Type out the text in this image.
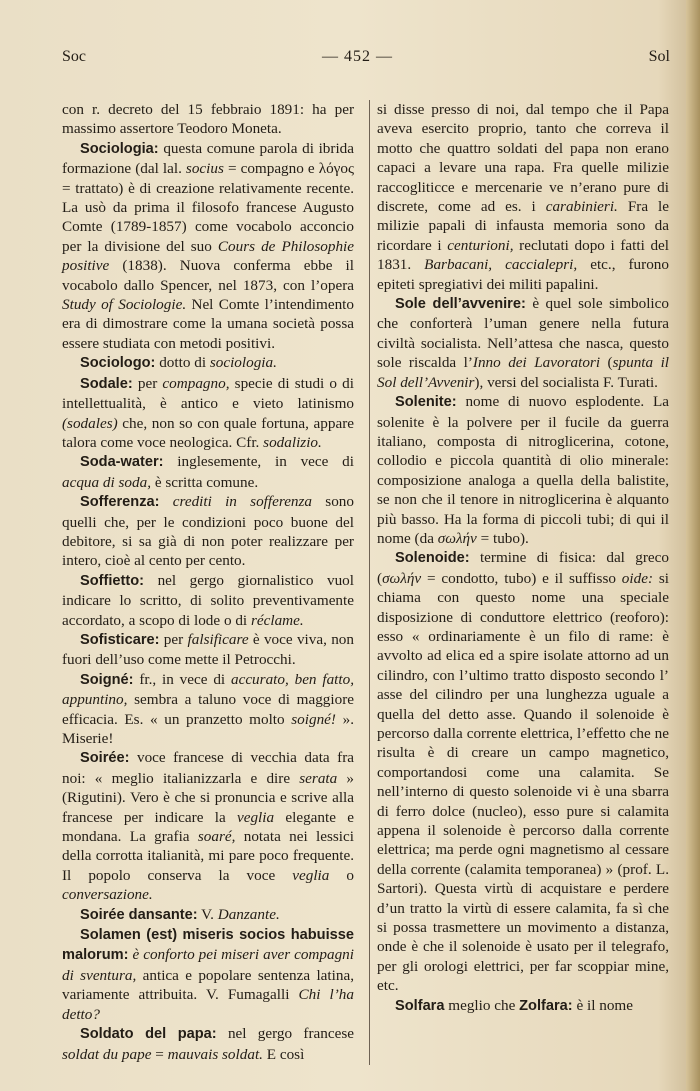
Soc	— 452 —	Sol

con r. decreto del 15 febbraio 1891: ha per massimo assertore Teodoro Moneta.

Sociologia: questa comune parola di ibrida formazione (dal lal. socius = compagno e λόγος = trattato) è di creazione relativamente recente. La usò da prima il filosofo francese Augusto Comte (1789-1857) come vocabolo acconcio per la divisione del suo Cours de Philosophie positive (1838). Nuova conferma ebbe il vocabolo dallo Spencer, nel 1873, con l’opera Study of Sociologie. Nel Comte l’intendimento era di dimostrare come la umana società possa essere studiata con metodi positivi.

Sociologo: dotto di sociologia.

Sodale: per compagno, specie di studi o di intellettualità, è antico e vieto latinismo (sodales) che, non so con quale fortuna, appare talora come voce neologica. Cfr. sodalizio.

Soda-water: inglesemente, in vece di acqua di soda, è scritta comune.

Sofferenza: crediti in sofferenza sono quelli che, per le condizioni poco buone del debitore, si sa già di non poter realizzare per intero, cioè al cento per cento.

Soffietto: nel gergo giornalistico vuol indicare lo scritto, di solito preventivamente accordato, a scopo di lode o di réclame.

Sofisticare: per falsificare è voce viva, non fuori dell’uso come mette il Petrocchi.

Soigné: fr., in vece di accurato, ben fatto, appuntino, sembra a taluno voce di maggiore efficacia. Es. « un pranzetto molto soigné! ». Miserie!

Soirée: voce francese di vecchia data fra noi: « meglio italianizzarla e dire serata » (Rigutini). Vero è che si pronuncia e scrive alla francese per indicare la veglia elegante e mondana. La grafia soaré, notata nei lessici della corrotta italianità, mi pare poco frequente. Il popolo conserva la voce veglia o conversazione.

Soirée dansante: V. Danzante.

Solamen (est) miseris socios habuisse malorum: è conforto pei miseri aver compagni di sventura, antica e popolare sentenza latina, variamente attribuita. V. Fumagalli Chi l’ha detto?

Soldato del papa: nel gergo francese soldat du pape = mauvais soldat. E così

si disse presso di noi, dal tempo che il Papa aveva esercito proprio, tanto che correva il motto che quattro soldati del papa non erano capaci a levare una rapa. Fra quelle milizie raccogliticce e mercenarie ve n’erano pure di discrete, come ad es. i carabinieri. Fra le milizie papali di infausta memoria sono da ricordare i centurioni, reclutati dopo i fatti del 1831. Barbacani, caccialepri, etc., furono epiteti spregiativi dei militi papalini.

Sole dell’avvenire: è quel sole simbolico che conforterà l’uman genere nella futura civiltà socialista. Nell’attesa che nasca, questo sole riscalda l’Inno dei Lavoratori (spunta il Sol dell’Avvenir), versi del socialista F. Turati.

Solenite: nome di nuovo esplodente. La solenite è la polvere per il fucile da guerra italiano, composta di nitroglicerina, cotone, collodio e piccola quantità di olio minerale: composizione analoga a quella della balistite, se non che il tenore in nitroglicerina è alquanto più basso. Ha la forma di piccoli tubi; di qui il nome (da σωλήν = tubo).

Solenoide: termine di fisica: dal greco (σωλήν = condotto, tubo) e il suffisso oide: si chiama con questo nome una speciale disposizione di conduttore elettrico (reoforo): esso « ordinariamente è un filo di rame: è avvolto ad elica ed a spire isolate attorno ad un cilindro, con l’ultimo tratto disposto secondo l’ asse del cilindro per una lunghezza uguale a quella del detto asse. Quando il solenoide è percorso dalla corrente elettrica, l’effetto che ne risulta è di creare un campo magnetico, comportandosi come una calamita. Se nell’interno di questo solenoide vi è una sbarra di ferro dolce (nucleo), esso pure si calamita appena il solenoide è percorso dalla corrente elettrica; ma perde ogni magnetismo al cessare della corrente (calamita temporanea) » (prof. L. Sartori). Questa virtù di acquistare e perdere d’un tratto la virtù di essere calamita, fa sì che si possa trasmettere un movimento a distanza, onde è che il solenoide è usato per il telegrafo, per gli orologi elettrici, per far scoppiar mine, etc.

Solfara meglio che Zolfara: è il nome
